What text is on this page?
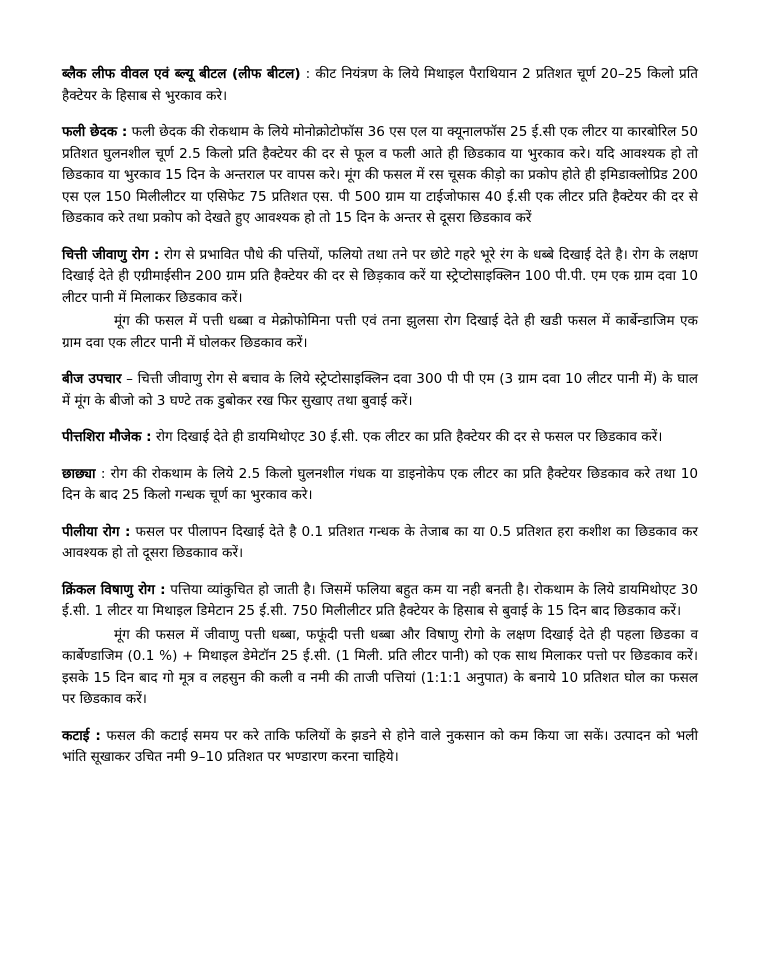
ब्लैक लीफ वीवल एवं ब्ल्यू बीटल (लीफ बीटल) : कीट नियंत्रण के लिये मिथाइल पैराथियान 2 प्रतिशत चूर्ण 20–25 किलो प्रति हैक्टेयर के हिसाब से भुरकाव करे।

फली छेदक : फली छेदक की रोकथाम के लिये मोनोक्रोटोफॉस 36 एस एल या क्यूनालफॉस 25 ई.सी एक लीटर या कारबोरिल 50 प्रतिशत घुलनशील चूर्ण 2.5 किलो प्रति हैक्टेयर की दर से फूल व फली आते ही छिडकाव या भुरकाव करे। यदि आवश्यक हो तो छिडकाव या भुरकाव 15 दिन के अन्तराल पर वापस करे। मूंग की फसल में रस चूसक कीड़ो का प्रकोप होते ही इमिडाक्लोप्रिड 200 एस एल 150 मिलीलीटर या एसिफेट 75 प्रतिशत एस. पी 500 ग्राम या टाईजोफास 40 ई.सी एक लीटर प्रति हैक्टेयर की दर से छिडकाव करे तथा प्रकोप को देखते हुए आवश्यक हो तो 15 दिन के अन्तर से दूसरा छिडकाव करें

चित्ती जीवाणु रोग : रोग से प्रभावित पौधे की पत्तियों, फलियो तथा तने पर छोटे गहरे भूरे रंग के धब्बे दिखाई देते है। रोग के लक्षण दिखाई देते ही एग्रीमाईसीन 200 ग्राम प्रति हैक्टेयर की दर से छिड़काव करें या स्ट्रेप्टोसाइक्लिन 100 पी.पी. एम एक ग्राम दवा 10 लीटर पानी में मिलाकर छिडकाव करें।

मूंग की फसल में पत्ती धब्बा व मेक्रोफोमिना पत्ती एवं तना झुलसा रोग दिखाई देते ही खडी फसल में कार्बेन्डाजिम एक ग्राम दवा एक लीटर पानी में घोलकर छिडकाव करें।

बीज उपचार – चित्ती जीवाणु रोग से बचाव के लिये स्ट्रेप्टोसाइक्लिन दवा 300 पी पी एम (3 ग्राम दवा 10 लीटर पानी में) के घाल में मूंग के बीजो को 3 घण्टे तक डुबोकर रख फिर सुखाए तथा बुवाई करें।

पीत्तशिरा मौजेक : रोग दिखाई देते ही डायमिथोएट 30 ई.सी. एक लीटर का प्रति हैक्टेयर की दर से फसल पर छिडकाव करें।

छाछ्या : रोग की रोकथाम के लिये 2.5 किलो घुलनशील गंधक या डाइनोकेप एक लीटर का प्रति हैक्टेयर छिडकाव करे तथा 10 दिन के बाद 25 किलो गन्धक चूर्ण का भुरकाव करे।

पीलीया रोग : फसल पर पीलापन दिखाई देते है 0.1 प्रतिशत गन्धक के तेजाब का या 0.5 प्रतिशत हरा कशीश का छिडकाव कर आवश्यक हो तो दूसरा छिडकााव करें।

क्रिंकल विषाणु रोग : पत्तिया व्यांकुचित हो जाती है। जिसमें फलिया बहुत कम या नही बनती है। रोकथाम के लिये डायमिथोएट 30 ई.सी. 1 लीटर या मिथाइल डिमेटान 25 ई.सी. 750 मिलीलीटर प्रति हैक्टेयर के हिसाब से बुवाई के 15 दिन बाद छिडकाव करें।

मूंग की फसल में जीवाणु पत्ती धब्बा, फफूंदी पत्ती धब्बा और विषाणु रोगो के लक्षण दिखाई देते ही पहला छिडका व कार्बेण्डाजिम (0.1 %) + मिथाइल डेमेटॉन 25 ई.सी. (1 मिली. प्रति लीटर पानी) को एक साथ मिलाकर पत्तो पर छिडकाव करें। इसके 15 दिन बाद गो मूत्र व लहसुन की कली व नमी की ताजी पत्तियां (1:1:1 अनुपात) के बनाये 10 प्रतिशत घोल का फसल पर छिडकाव करें।

कटाई : फसल की कटाई समय पर करे ताकि फलियों के झडने से होने वाले नुकसान को कम किया जा सकें। उत्पादन को भली भांति सूखाकर उचित नमी 9–10 प्रतिशत पर भण्डारण करना चाहिये।
